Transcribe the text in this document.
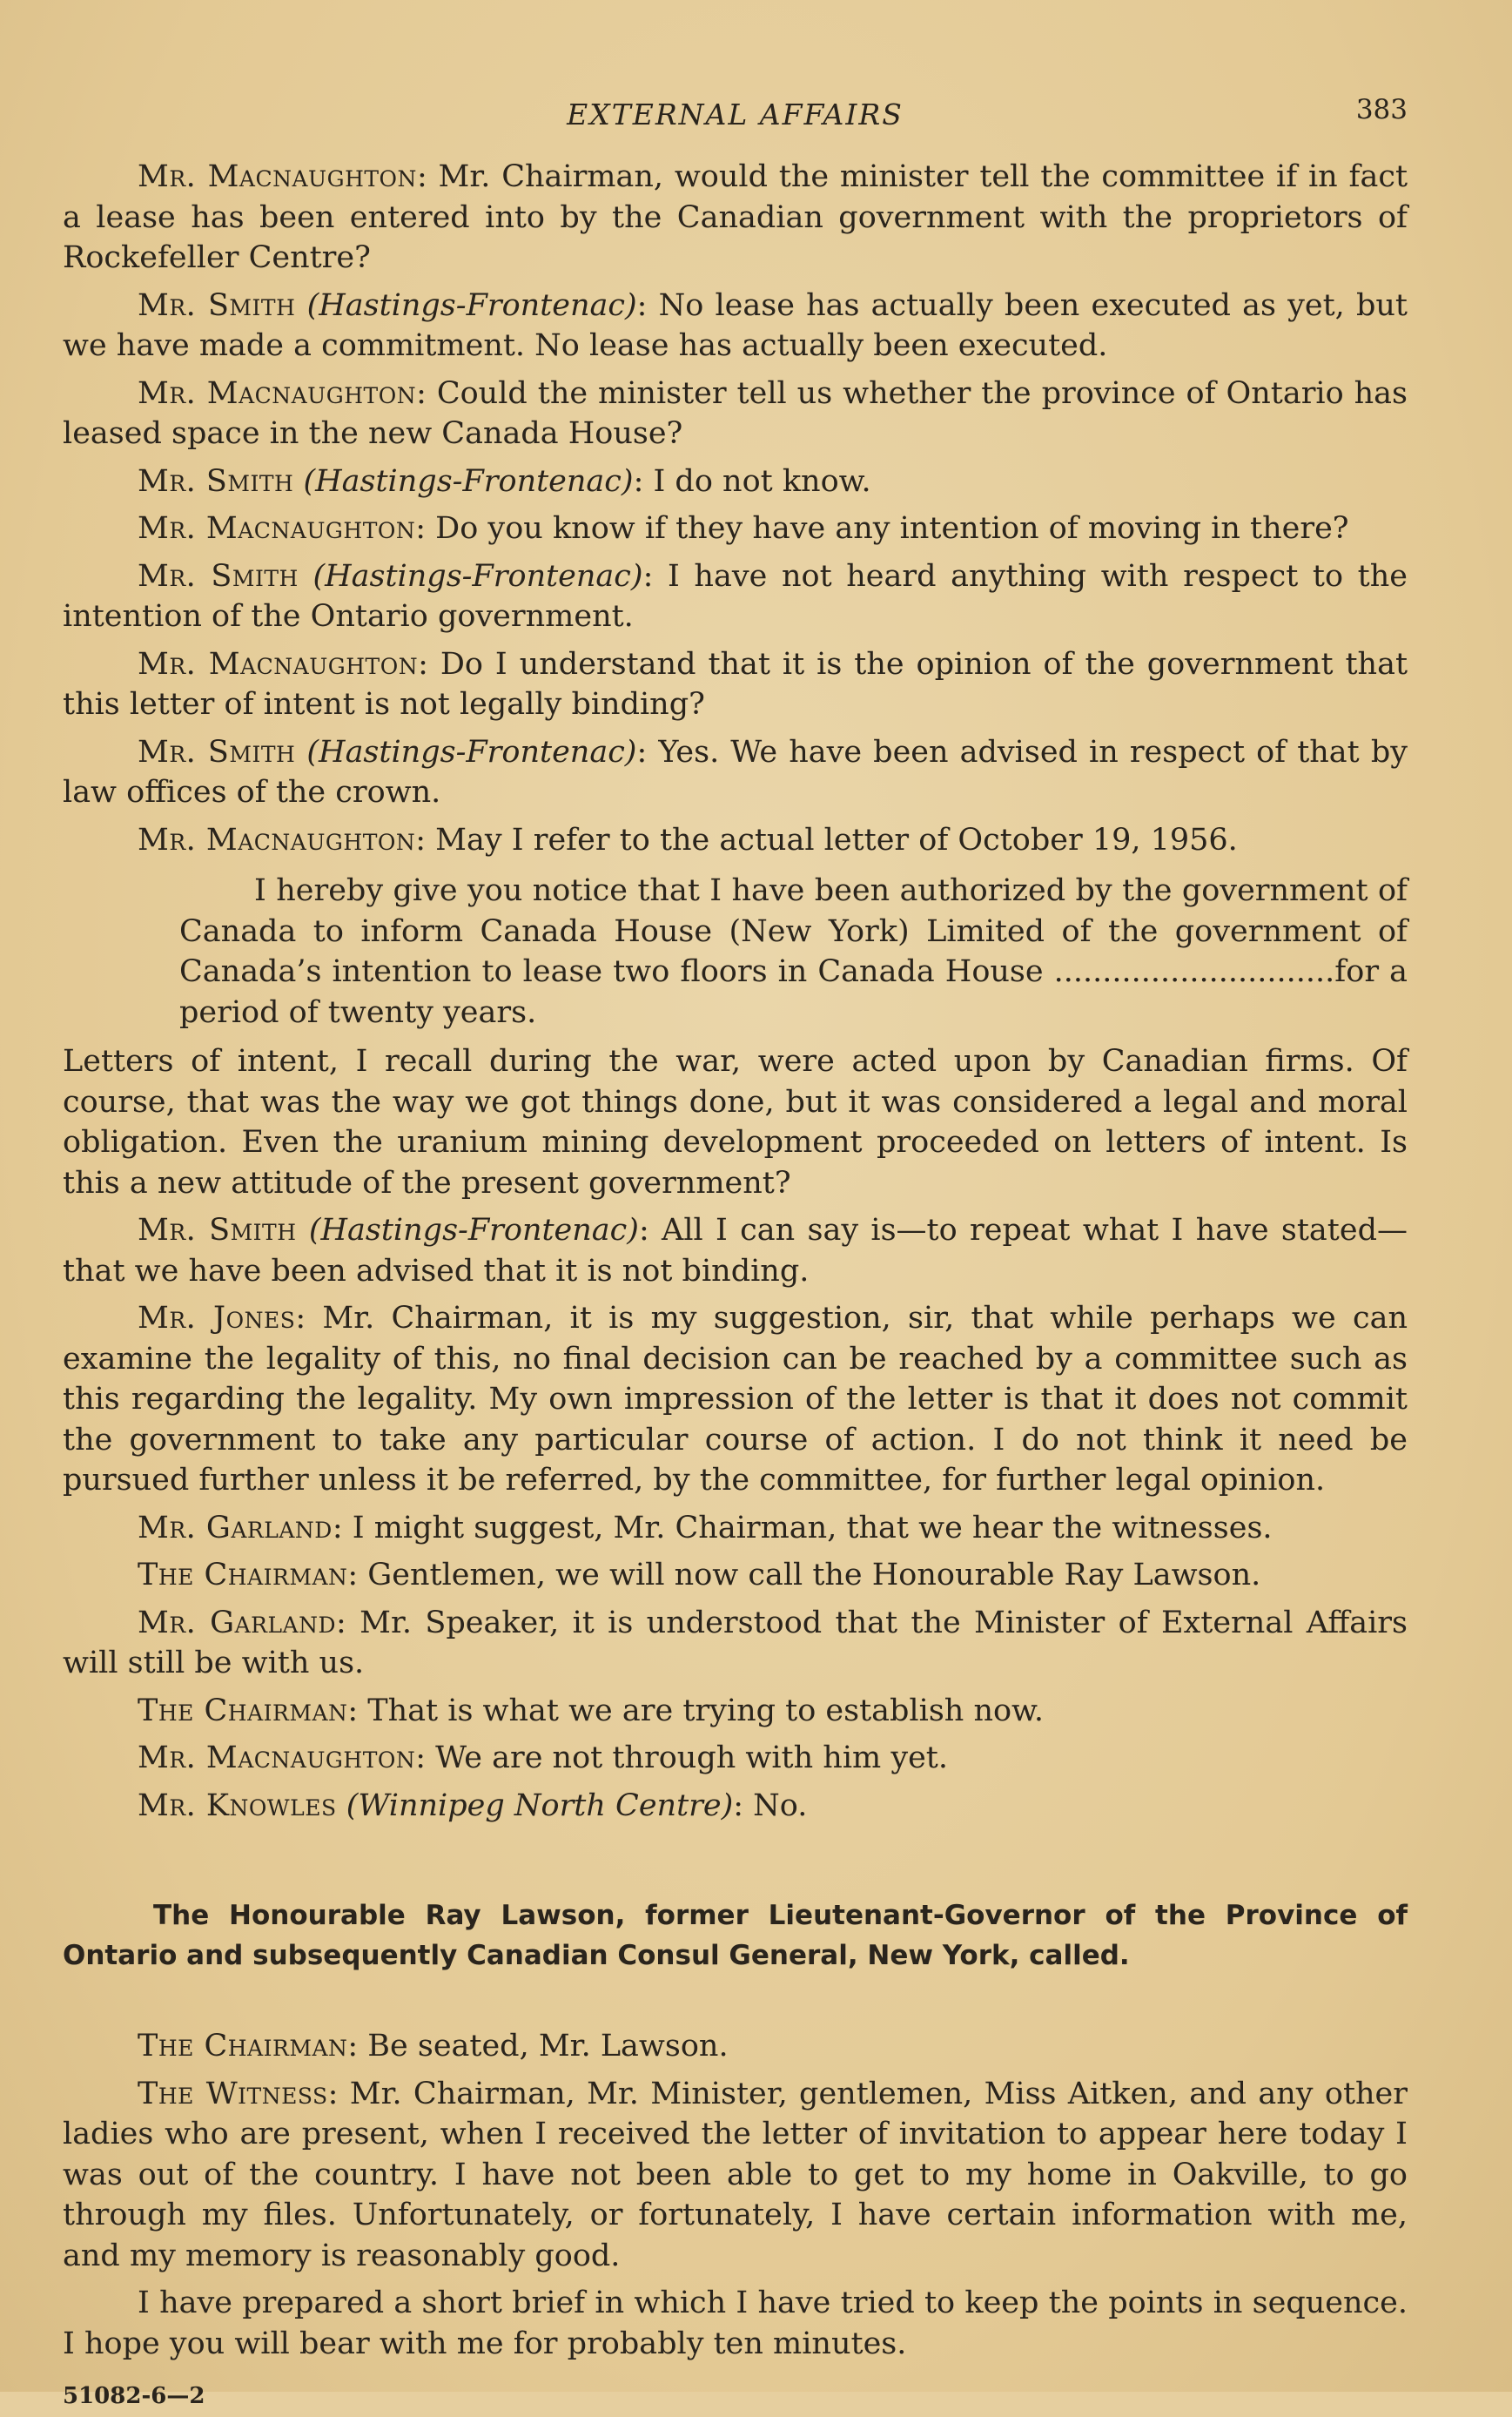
EXTERNAL AFFAIRS	383

Mr. Macnaughton: Mr. Chairman, would the minister tell the committee if in fact a lease has been entered into by the Canadian government with the proprietors of Rockefeller Centre?

Mr. Smith (Hastings-Frontenac): No lease has actually been executed as yet, but we have made a commitment. No lease has actually been executed.

Mr. Macnaughton: Could the minister tell us whether the province of Ontario has leased space in the new Canada House?

Mr. Smith (Hastings-Frontenac): I do not know.

Mr. Macnaughton: Do you know if they have any intention of moving in there?

Mr. Smith (Hastings-Frontenac): I have not heard anything with respect to the intention of the Ontario government.

Mr. Macnaughton: Do I understand that it is the opinion of the government that this letter of intent is not legally binding?

Mr. Smith (Hastings-Frontenac): Yes. We have been advised in respect of that by law offices of the crown.

Mr. Macnaughton: May I refer to the actual letter of October 19, 1956.

I hereby give you notice that I have been authorized by the government of Canada to inform Canada House (New York) Limited of the government of Canada’s intention to lease two floors in Canada House .............................for a period of twenty years.

Letters of intent, I recall during the war, were acted upon by Canadian firms. Of course, that was the way we got things done, but it was considered a legal and moral obligation. Even the uranium mining development proceeded on letters of intent. Is this a new attitude of the present government?

Mr. Smith (Hastings-Frontenac): All I can say is—to repeat what I have stated—that we have been advised that it is not binding.

Mr. Jones: Mr. Chairman, it is my suggestion, sir, that while perhaps we can examine the legality of this, no final decision can be reached by a committee such as this regarding the legality. My own impression of the letter is that it does not commit the government to take any particular course of action. I do not think it need be pursued further unless it be referred, by the committee, for further legal opinion.

Mr. Garland: I might suggest, Mr. Chairman, that we hear the witnesses.

The Chairman: Gentlemen, we will now call the Honourable Ray Lawson.

Mr. Garland: Mr. Speaker, it is understood that the Minister of External Affairs will still be with us.

The Chairman: That is what we are trying to establish now.

Mr. Macnaughton: We are not through with him yet.

Mr. Knowles (Winnipeg North Centre): No.

The Honourable Ray Lawson, former Lieutenant-Governor of the Province of Ontario and subsequently Canadian Consul General, New York, called.

The Chairman: Be seated, Mr. Lawson.

The Witness: Mr. Chairman, Mr. Minister, gentlemen, Miss Aitken, and any other ladies who are present, when I received the letter of invitation to appear here today I was out of the country. I have not been able to get to my home in Oakville, to go through my files. Unfortunately, or fortunately, I have certain information with me, and my memory is reasonably good.

I have prepared a short brief in which I have tried to keep the points in sequence. I hope you will bear with me for probably ten minutes.

51082-6—2
